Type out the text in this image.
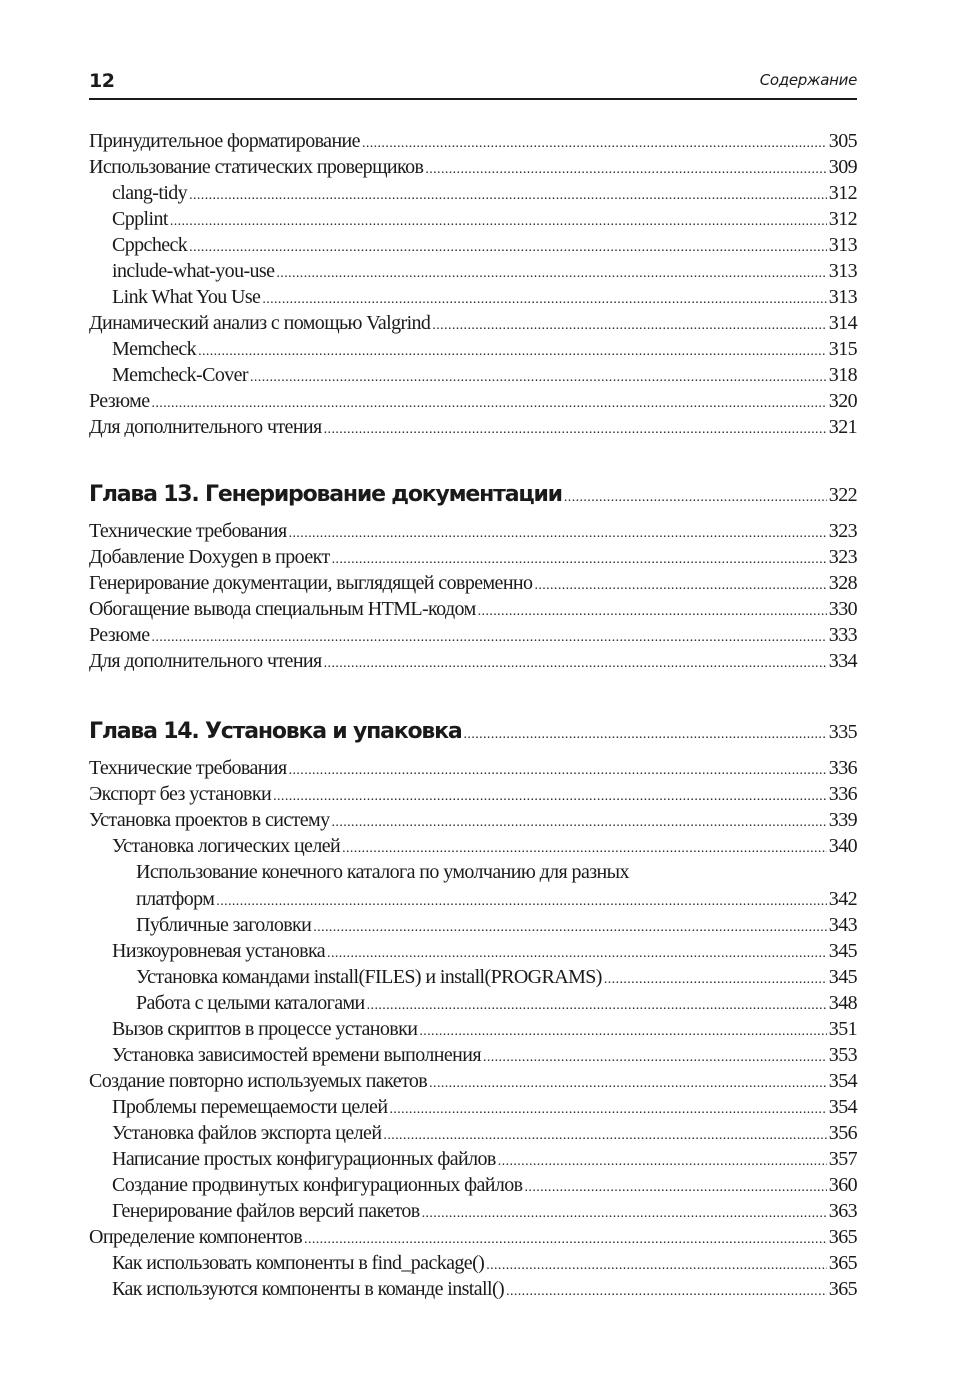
12	Содержание
Принудительное форматирование .....	305
Использование статических проверщиков .....	309
clang-tidy .....	312
Cpplint .....	312
Cppcheck .....	313
include-what-you-use .....	313
Link What You Use .....	313
Динамический анализ с помощью Valgrind .....	314
Memcheck .....	315
Memcheck-Cover .....	318
Резюме .....	320
Для дополнительного чтения .....	321
Глава 13. Генерирование документации .....	322
Технические требования .....	323
Добавление Doxygen в проект .....	323
Генерирование документации, выглядящей современно .....	328
Обогащение вывода специальным HTML-кодом .....	330
Резюме .....	333
Для дополнительного чтения .....	334
Глава 14. Установка и упаковка .....	335
Технические требования .....	336
Экспорт без установки .....	336
Установка проектов в систему .....	339
Установка логических целей .....	340
Использование конечного каталога по умолчанию для разных
платформ .....	342
Публичные заголовки .....	343
Низкоуровневая установка .....	345
Установка командами install(FILES) и install(PROGRAMS) .....	345
Работа с целыми каталогами .....	348
Вызов скриптов в процессе установки .....	351
Установка зависимостей времени выполнения .....	353
Создание повторно используемых пакетов .....	354
Проблемы перемещаемости целей .....	354
Установка файлов экспорта целей .....	356
Написание простых конфигурационных файлов .....	357
Создание продвинутых конфигурационных файлов .....	360
Генерирование файлов версий пакетов .....	363
Определение компонентов .....	365
Как использовать компоненты в find_package() .....	365
Как используются компоненты в команде install() .....	365
